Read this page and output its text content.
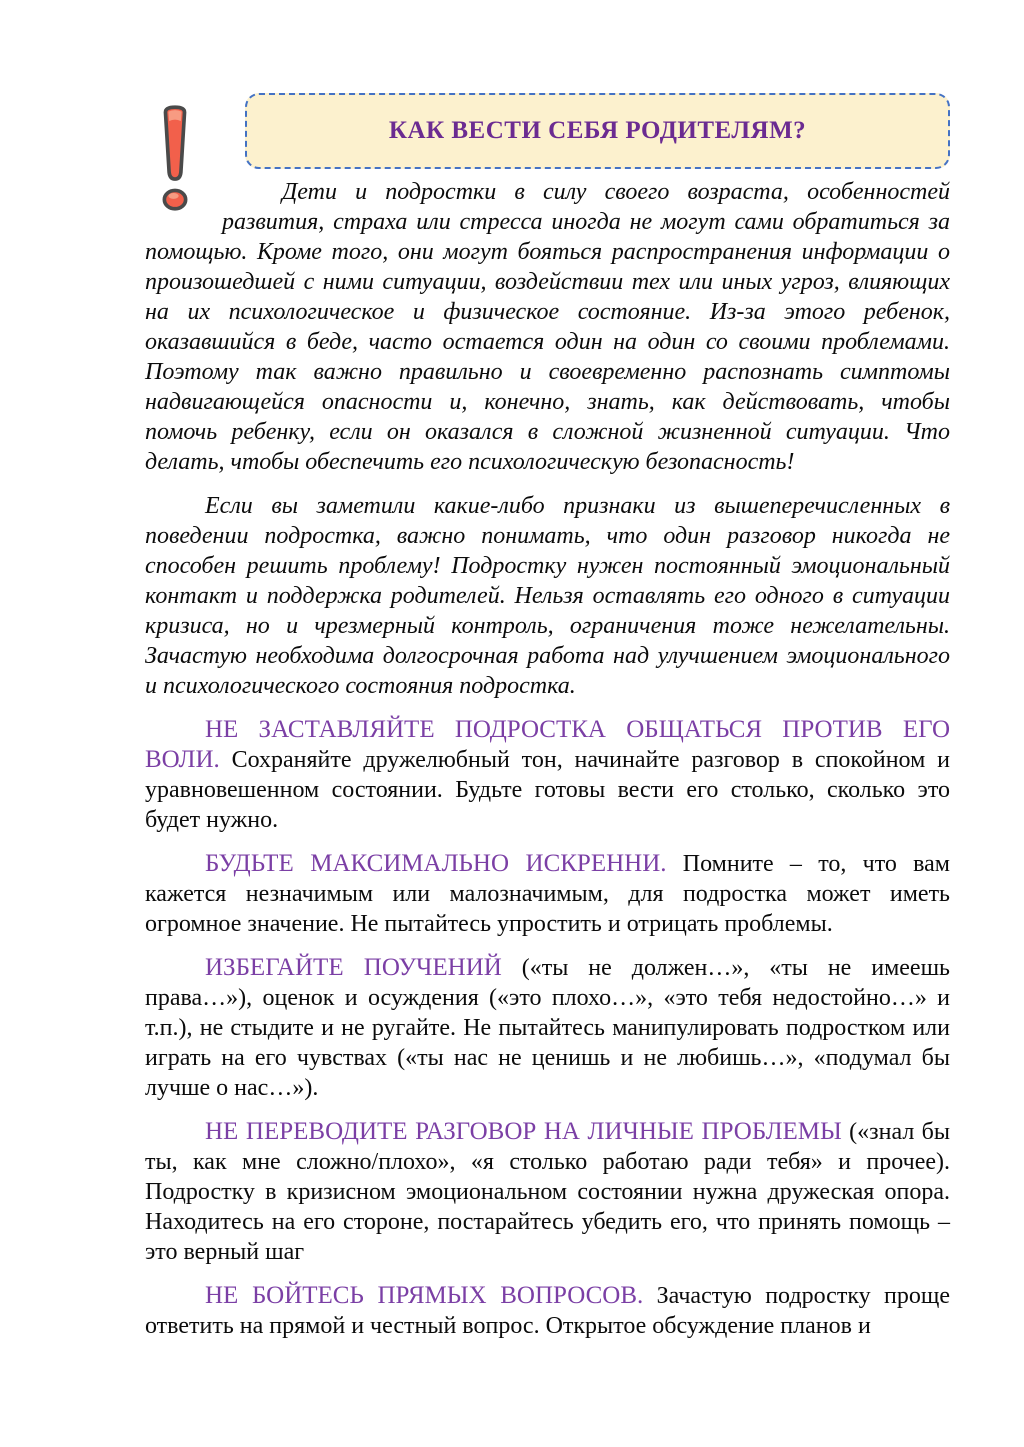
КАК ВЕСТИ СЕБЯ РОДИТЕЛЯМ?

Дети и подростки в силу своего возраста, особенностей развития, страха или стресса иногда не могут сами обратиться за помощью. Кроме того, они могут бояться распространения информации о произошедшей с ними ситуации, воздействии тех или иных угроз, влияющих на их психологическое и физическое состояние. Из-за этого ребенок, оказавшийся в беде, часто остается один на один со своими проблемами. Поэтому так важно правильно и своевременно распознать симптомы надвигающейся опасности и, конечно, знать, как действовать, чтобы помочь ребенку, если он оказался в сложной жизненной ситуации. Что делать, чтобы обеспечить его психологическую безопасность!

Если вы заметили какие-либо признаки из вышеперечисленных в поведении подростка, важно понимать, что один разговор никогда не способен решить проблему! Подростку нужен постоянный эмоциональный контакт и поддержка родителей. Нельзя оставлять его одного в ситуации кризиса, но и чрезмерный контроль, ограничения тоже нежелательны. Зачастую необходима долгосрочная работа над улучшением эмоционального и психологического состояния подростка.

НЕ ЗАСТАВЛЯЙТЕ ПОДРОСТКА ОБЩАТЬСЯ ПРОТИВ ЕГО ВОЛИ. Сохраняйте дружелюбный тон, начинайте разговор в спокойном и уравновешенном состоянии. Будьте готовы вести его столько, сколько это будет нужно.

БУДЬТЕ МАКСИМАЛЬНО ИСКРЕННИ. Помните – то, что вам кажется незначимым или малозначимым, для подростка может иметь огромное значение. Не пытайтесь упростить и отрицать проблемы.

ИЗБЕГАЙТЕ ПОУЧЕНИЙ («ты не должен…», «ты не имеешь права…»), оценок и осуждения («это плохо…», «это тебя недостойно…» и т.п.), не стыдите и не ругайте. Не пытайтесь манипулировать подростком или играть на его чувствах («ты нас не ценишь и не любишь…», «подумал бы лучше о нас…»).

НЕ ПЕРЕВОДИТЕ РАЗГОВОР НА ЛИЧНЫЕ ПРОБЛЕМЫ («знал бы ты, как мне сложно/плохо», «я столько работаю ради тебя» и прочее). Подростку в кризисном эмоциональном состоянии нужна дружеская опора. Находитесь на его стороне, постарайтесь убедить его, что принять помощь – это верный шаг

НЕ БОЙТЕСЬ ПРЯМЫХ ВОПРОСОВ. Зачастую подростку проще ответить на прямой и честный вопрос. Открытое обсуждение планов и
